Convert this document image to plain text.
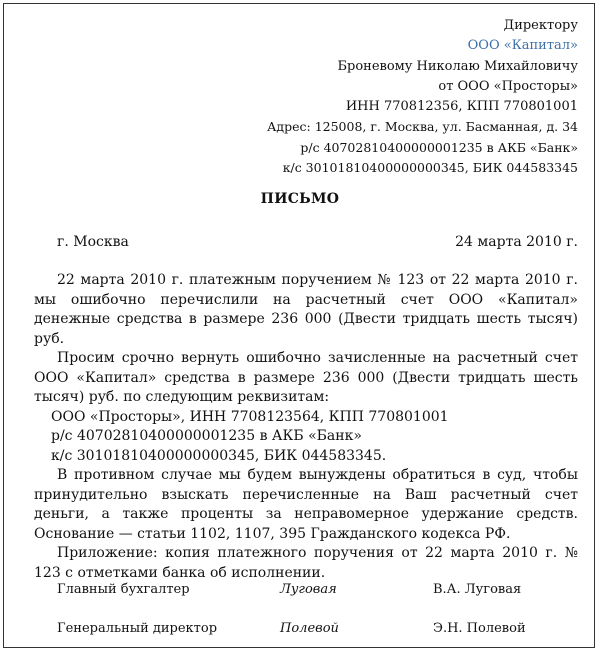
Директору
ООО «Капитал»
Броневому Николаю Михайловичу
от ООО «Просторы»
ИНН 770812356, КПП 770801001
Адрес: 125008, г. Москва, ул. Басманная, д. 34
р/с 40702810400000001235 в АКБ «Банк»
к/с 30101810400000000345, БИК 044583345
ПИСЬМО
г. Москва	24 марта 2010 г.

22 марта 2010 г. платежным поручением № 123 от 22 марта 2010 г. мы ошибочно перечислили на расчетный счет ООО «Капитал» денежные средства в размере 236 000 (Двести тридцать шесть тысяч) руб.

Просим срочно вернуть ошибочно зачисленные на расчетный счет ООО «Капитал» средства в размере 236 000 (Двести тридцать шесть тысяч) руб. по следующим реквизитам:

ООО «Просторы», ИНН 7708123564, КПП 770801001
р/с 40702810400000001235 в АКБ «Банк»
к/с 30101810400000000345, БИК 044583345.

В противном случае мы будем вынуждены обратиться в суд, чтобы принудительно взыскать перечисленные на Ваш расчетный счет деньги, а также проценты за неправомерное удержание средств. Основание — статьи 1102, 1107, 395 Гражданского кодекса РФ.

Приложение: копия платежного поручения от 22 марта 2010 г. № 123 с отметками банка об исполнении.

Главный бухгалтер	Луговая	В.А. Луговая
Генеральный директор	Полевой	Э.Н. Полевой
